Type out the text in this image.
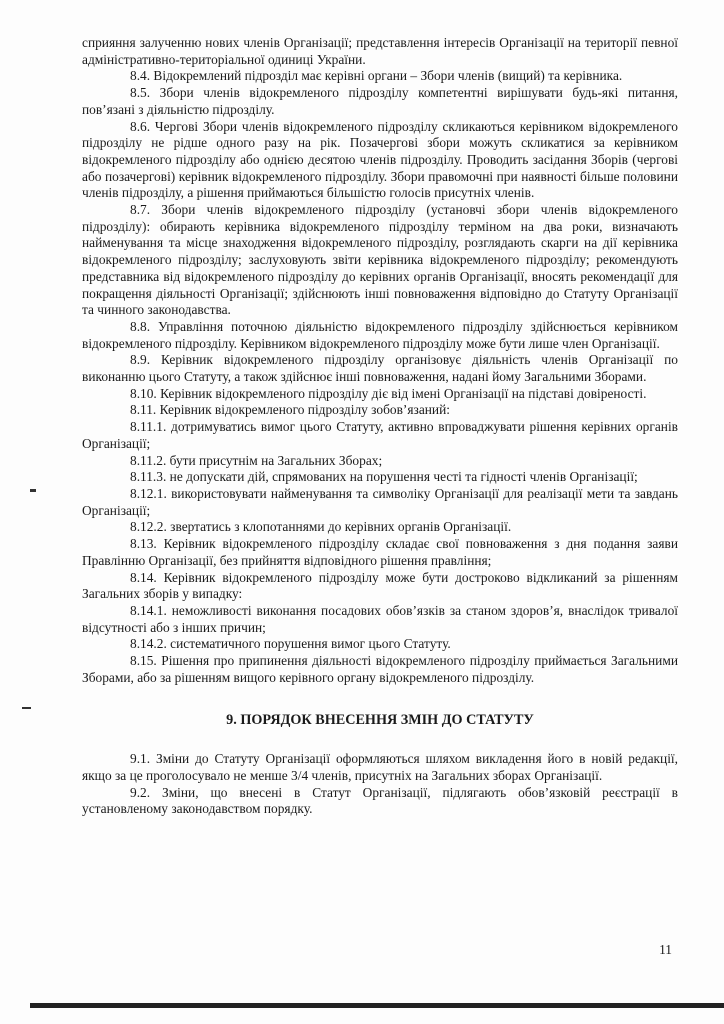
сприяння залученню нових членів Організації; представлення інтересів Організації на території певної адміністративно-територіальної одиниці України.

8.4. Відокремлений підрозділ має керівні органи – Збори членів (вищий) та керівника.

8.5. Збори членів відокремленого підрозділу компетентні вирішувати будь-які питання, пов’язані з діяльністю підрозділу.

8.6. Чергові Збори членів відокремленого підрозділу скликаються керівником відокремленого підрозділу не рідше одного разу на рік. Позачергові збори можуть скликатися за керівником відокремленого підрозділу або однією десятою членів підрозділу. Проводить засідання Зборів (чергові або позачергові) керівник відокремленого підрозділу. Збори правомочні при наявності більше половини членів підрозділу, а рішення приймаються більшістю голосів присутніх членів.

8.7. Збори членів відокремленого підрозділу (установчі збори членів відокремленого підрозділу): обирають керівника відокремленого підрозділу терміном на два роки, визначають найменування та місце знаходження відокремленого підрозділу, розглядають скарги на дії керівника відокремленого підрозділу; заслуховують звіти керівника відокремленого підрозділу; рекомендують представника від відокремленого підрозділу до керівних органів Організації, вносять рекомендації для покращення діяльності Організації; здійснюють інші повноваження відповідно до Статуту Організації та чинного законодавства.

8.8. Управління поточною діяльністю відокремленого підрозділу здійснюється керівником відокремленого підрозділу. Керівником відокремленого підрозділу може бути лише член Організації.

8.9. Керівник відокремленого підрозділу організовує діяльність членів Організації по виконанню цього Статуту, а також здійснює інші повноваження, надані йому Загальними Зборами.

8.10. Керівник відокремленого підрозділу діє від імені Організації на підставі довіреності.

8.11. Керівник відокремленого підрозділу зобов’язаний:

8.11.1. дотримуватись вимог цього Статуту, активно впроваджувати рішення керівних органів Організації;

8.11.2. бути присутнім на Загальних Зборах;

8.11.3. не допускати дій, спрямованих на порушення честі та гідності членів Організації;

8.12.1. використовувати найменування та символіку Організації для реалізації мети та завдань Організації;

8.12.2. звертатись з клопотаннями до керівних органів Організації.

8.13. Керівник відокремленого підрозділу складає свої повноваження з дня подання заяви Правлінню Організації, без прийняття відповідного рішення правління;

8.14. Керівник відокремленого підрозділу може бути достроково відкликаний за рішенням Загальних зборів у випадку:

8.14.1. неможливості виконання посадових обов’язків за станом здоров’я, внаслідок тривалої відсутності або з інших причин;

8.14.2. систематичного порушення вимог цього Статуту.

8.15. Рішення про припинення діяльності відокремленого підрозділу приймається Загальними Зборами, або за рішенням вищого керівного органу відокремленого підрозділу.

9. ПОРЯДОК ВНЕСЕННЯ ЗМІН ДО СТАТУТУ

9.1. Зміни до Статуту Організації оформляються шляхом викладення його в новій редакції, якщо за це проголосувало не менше 3/4 членів, присутніх на Загальних зборах Організації.

9.2. Зміни, що внесені в Статут Організації, підлягають обов’язковій реєстрації в установленому законодавством порядку.

11
